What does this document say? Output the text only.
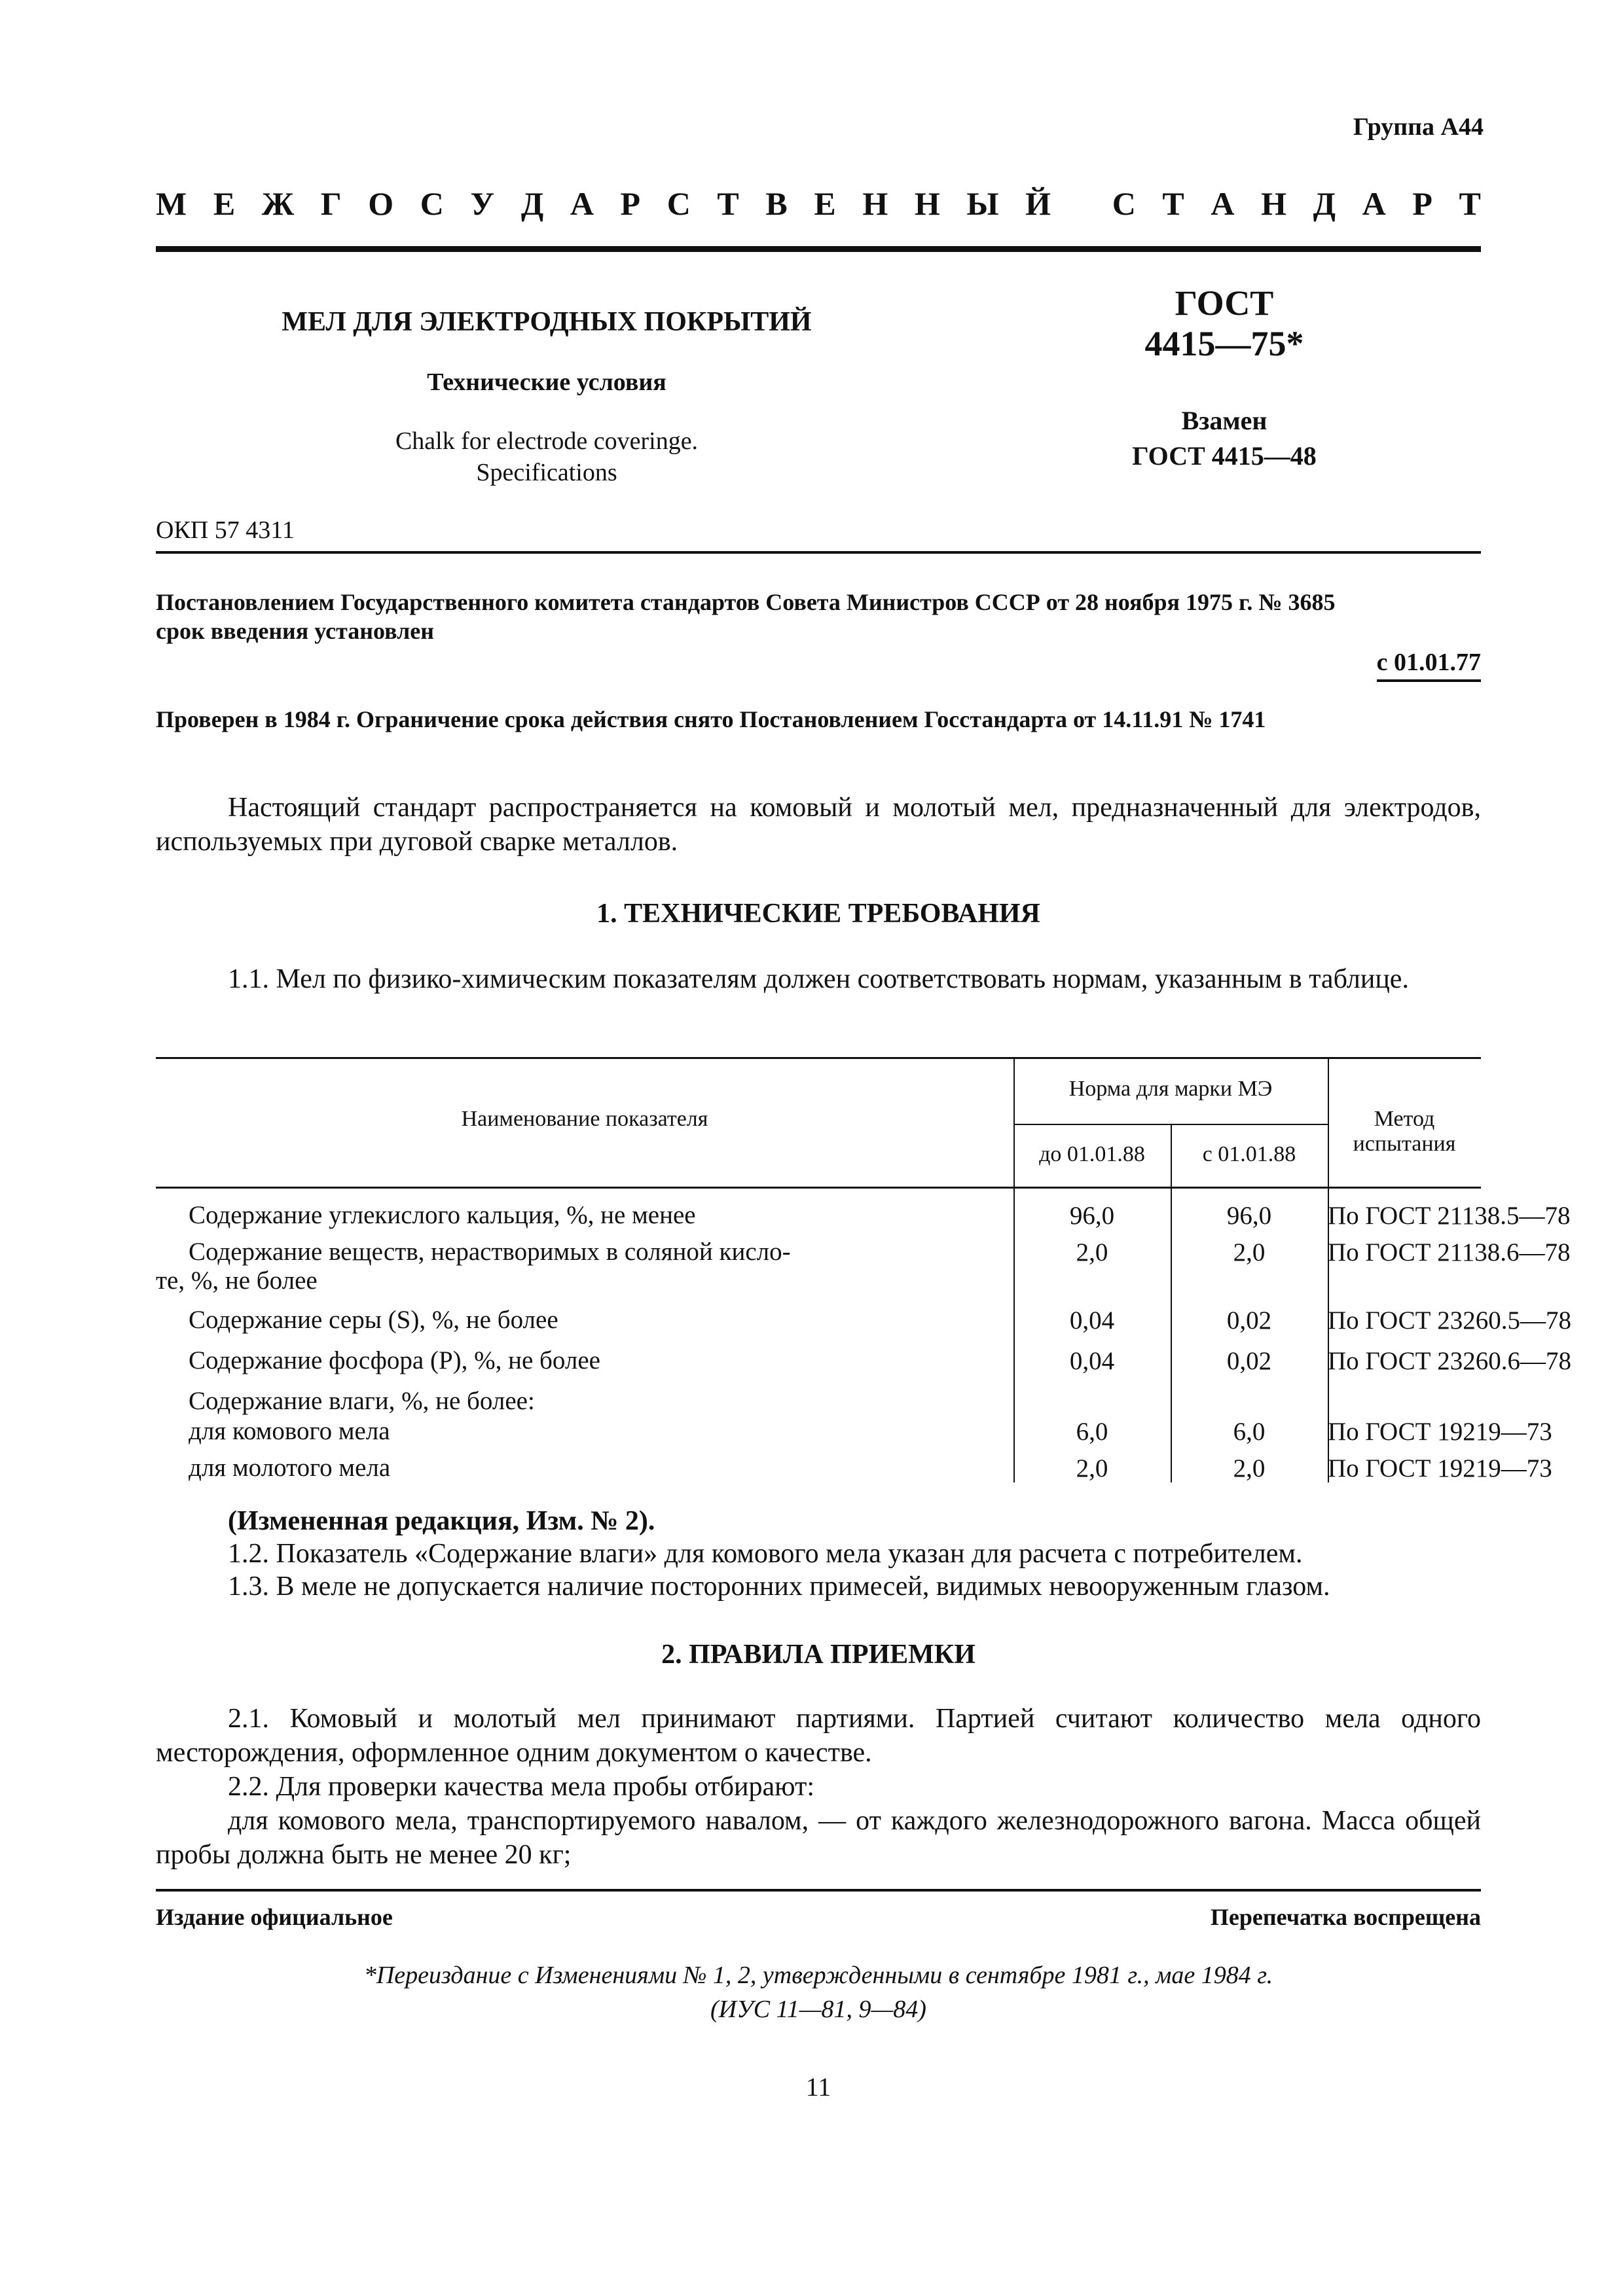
Группа А44
М Е Ж Г О С У Д А Р С Т В Е Н Н Ы Й
С Т А Н Д А Р Т
МЕЛ ДЛЯ ЭЛЕКТРОДНЫХ ПОКРЫТИЙ
Технические условия
Chalk for electrode coveringe.
Specifications
ГОСТ
4415—75*
Взамен
ГОСТ 4415—48
ОКП 57 4311
Постановлением Государственного комитета стандартов Совета Министров СССР от 28 ноября 1975 г. № 3685
срок введения установлен
с 01.01.77
Проверен в 1984 г. Ограничение срока действия снято Постановлением Госстандарта от 14.11.91 № 1741
Настоящий стандарт распространяется на комовый и молотый мел, предназначенный для электродов, используемых при дуговой сварке металлов.
1. ТЕХНИЧЕСКИЕ ТРЕБОВАНИЯ
1.1. Мел по физико-химическим показателям должен соответствовать нормам, указанным в таблице.
Наименование показателя
Норма для марки МЭ
до 01.01.88	с 01.01.88
Метод испытания
Содержание углекислого кальция, %, не менее	96,0	96,0	По ГОСТ 21138.5—78
Содержание веществ, нерастворимых в соляной кисло-
те, %, не более
2,0	2,0	По ГОСТ 21138.6—78
Содержание серы (S), %, не более	0,04	0,02	По ГОСТ 23260.5—78
Содержание фосфора (Р), %, не более	0,04	0,02	По ГОСТ 23260.6—78
Содержание влаги, %, не более:
для комового мела	6,0	6,0	По ГОСТ 19219—73
для молотого мела	2,0	2,0	По ГОСТ 19219—73
(Измененная редакция, Изм. № 2).
1.2. Показатель «Содержание влаги» для комового мела указан для расчета с потребителем.
1.3. В меле не допускается наличие посторонних примесей, видимых невооруженным глазом.
2. ПРАВИЛА ПРИЕМКИ
2.1. Комовый и молотый мел принимают партиями. Партией считают количество мела одного месторождения, оформленное одним документом о качестве.
2.2. Для проверки качества мела пробы отбирают:
для комового мела, транспортируемого навалом, — от каждого железнодорожного вагона. Масса общей пробы должна быть не менее 20 кг;
Издание официальное	Перепечатка воспрещена
*Переиздание с Изменениями № 1, 2, утвержденными в сентябре 1981 г., мае 1984 г.
(ИУС 11—81, 9—84)
11
